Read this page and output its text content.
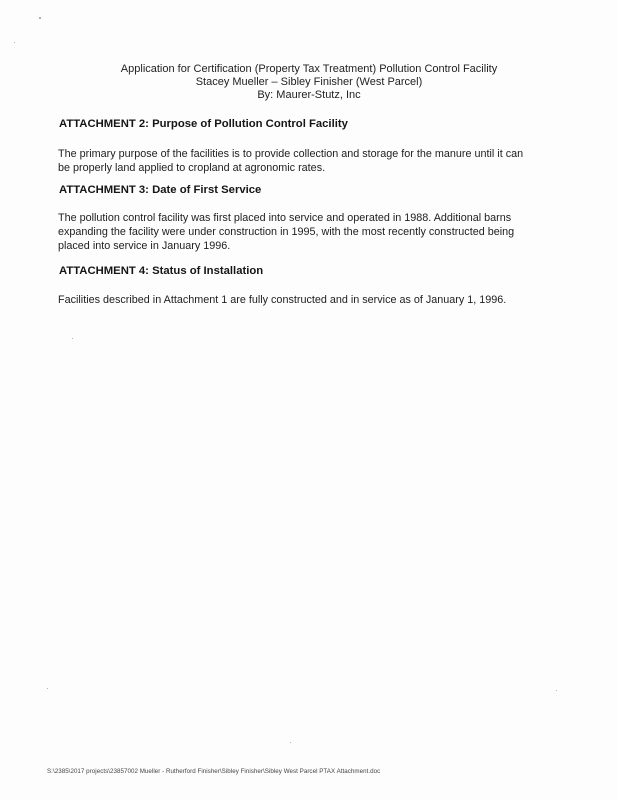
Application for Certification (Property Tax Treatment) Pollution Control Facility
Stacey Mueller – Sibley Finisher (West Parcel)
By: Maurer-Stutz, Inc
ATTACHMENT 2: Purpose of Pollution Control Facility
The primary purpose of the facilities is to provide collection and storage for the manure until it can
be properly land applied to cropland at agronomic rates.
ATTACHMENT 3: Date of First Service
The pollution control facility was first placed into service and operated in 1988. Additional barns
expanding the facility were under construction in 1995, with the most recently constructed being
placed into service in January 1996.
ATTACHMENT 4: Status of Installation
Facilities described in Attachment 1 are fully constructed and in service as of January 1, 1996.
S:\2385\2017 projects\23857002 Mueller - Rutherford Finisher\Sibley Finisher\Sibley West Parcel PTAX Attachment.doc
